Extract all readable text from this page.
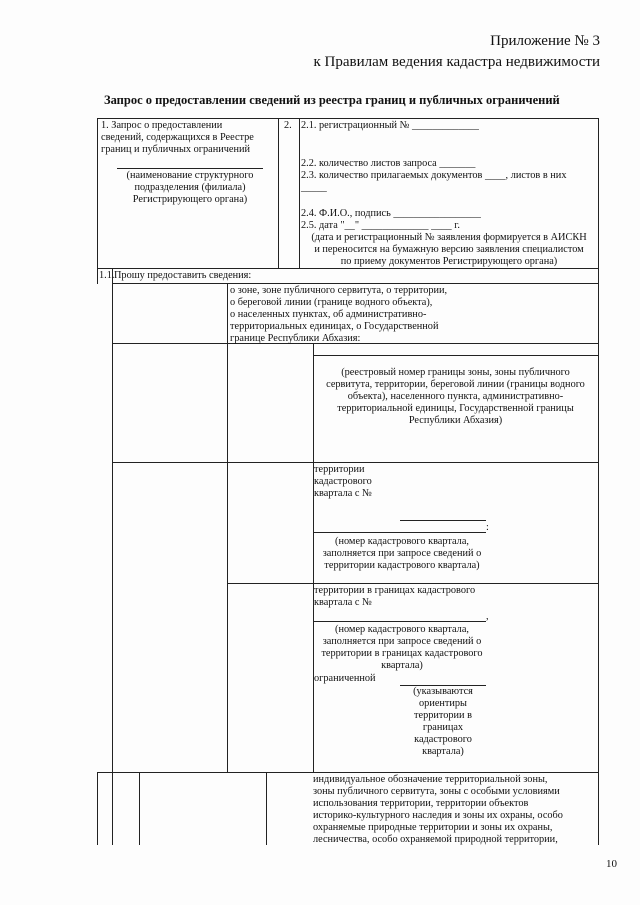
Приложение № 3
к Правилам ведения кадастра недвижимости
Запрос о предоставлении сведений из реестра границ и публичных ограничений
1. Запрос о предоставлении
сведений, содержащихся в Реестре
границ и публичных ограничений
(наименование структурного
подразделения (филиала)
Регистрирующего органа)
2. 2.1. регистрационный № _____________
2.2. количество листов запроса _______
2.3. количество прилагаемых документов ____, листов в них
_____
2.4. Ф.И.О., подпись _________________
2.5. дата "__" _____________ ____ г.
(дата и регистрационный № заявления формируется в АИСКН
и переносится на бумажную версию заявления специалистом
по приему документов Регистрирующего органа)
1.1. Прошу предоставить сведения:
о зоне, зоне публичного сервитута, о территории,
о береговой линии (границе водного объекта),
о населенных пунктах, об административно-
территориальных единицах, о Государственной
границе Республики Абхазия:
(реестровый номер границы зоны, зоны публичного
сервитута, территории, береговой линии (границы водного
объекта), населенного пункта, административно-
территориальной единицы, Государственной границы
Республики Абхазия)
территории
кадастрового
квартала с №
:
(номер кадастрового квартала,
заполняется при запросе сведений о
территории кадастрового квартала)
территории в границах кадастрового
квартала с №
,
(номер кадастрового квартала,
заполняется при запросе сведений о
территории в границах кадастрового
квартала)
ограниченной
(указываются
ориентиры
территории в
границах
кадастрового
квартала)
индивидуальное обозначение территориальной зоны,
зоны публичного сервитута, зоны с особыми условиями
использования территории, территории объектов
историко-культурного наследия и зоны их охраны, особо
охраняемые природные территории и зоны их охраны,
лесничества, особо охраняемой природной территории,
10
